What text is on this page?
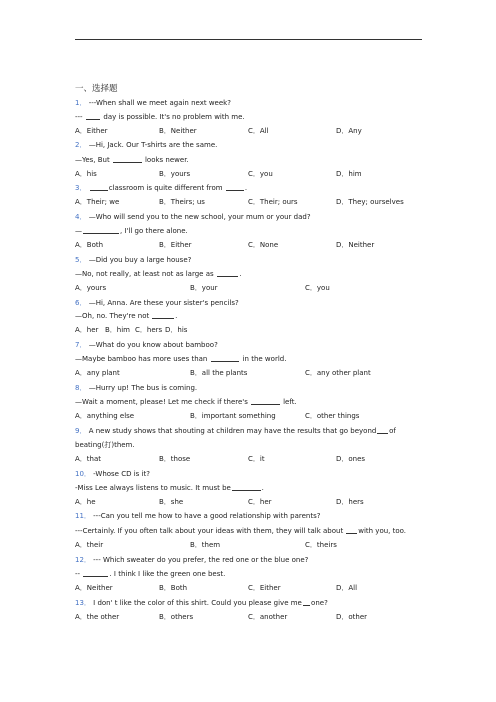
一、选择题
1． ---When shall we meet again next week?
---  day is possible. It's no problem with me.
A．Either	B．Neither	C．All	D．Any
2． —Hi, Jack. Our T-shirts are the same.
—Yes, But	looks newer.
A．his	B．yours	C．you	D．him
3．	classroom is quite different from	.
A．Their; we	B．Theirs; us	C．Their; ours	D．They; ourselves
4． —Who will send you to the new school, your mum or your dad?
—	, I'll go there alone.
A．Both	B．Either	C．None	D．Neither
5． —Did you buy a large house?
—No, not really, at least not as large as	.
A．yours	B．your	C．you
6． —Hi, Anna. Are these your sister's pencils?
—Oh, no. They're not	.
A．her B．him C．hers D．his
7． —What do you know about bamboo?
—Maybe bamboo has more uses than	in the world.
A．any plant	B．all the plants	C．any other plant
8． —Hurry up! The bus is coming.
—Wait a moment, please! Let me check if there's	left.
A．anything else	B．important something	C．other things
9． A new study shows that shouting at children may have the results that go beyond of
beating(打)them.
A．that	B．those	C．it	D．ones
10． -Whose CD is it?
-Miss Lee always listens to music. It must be	.
A．he	B．she	C．her	D．hers
11． ---Can you tell me how to have a good relationship with parents?
---Certainly. If you often talk about your ideas with them, they will talk about with you, too.
A．their	B．them	C．theirs
12． --- Which sweater do you prefer, the red one or the blue one?
--	. I think I like the green one best.
A．Neither	B．Both	C．Either	D．All
13． I don' t like the color of this shirt. Could you please give me one?
A．the other	B．others	C．another	D．other
